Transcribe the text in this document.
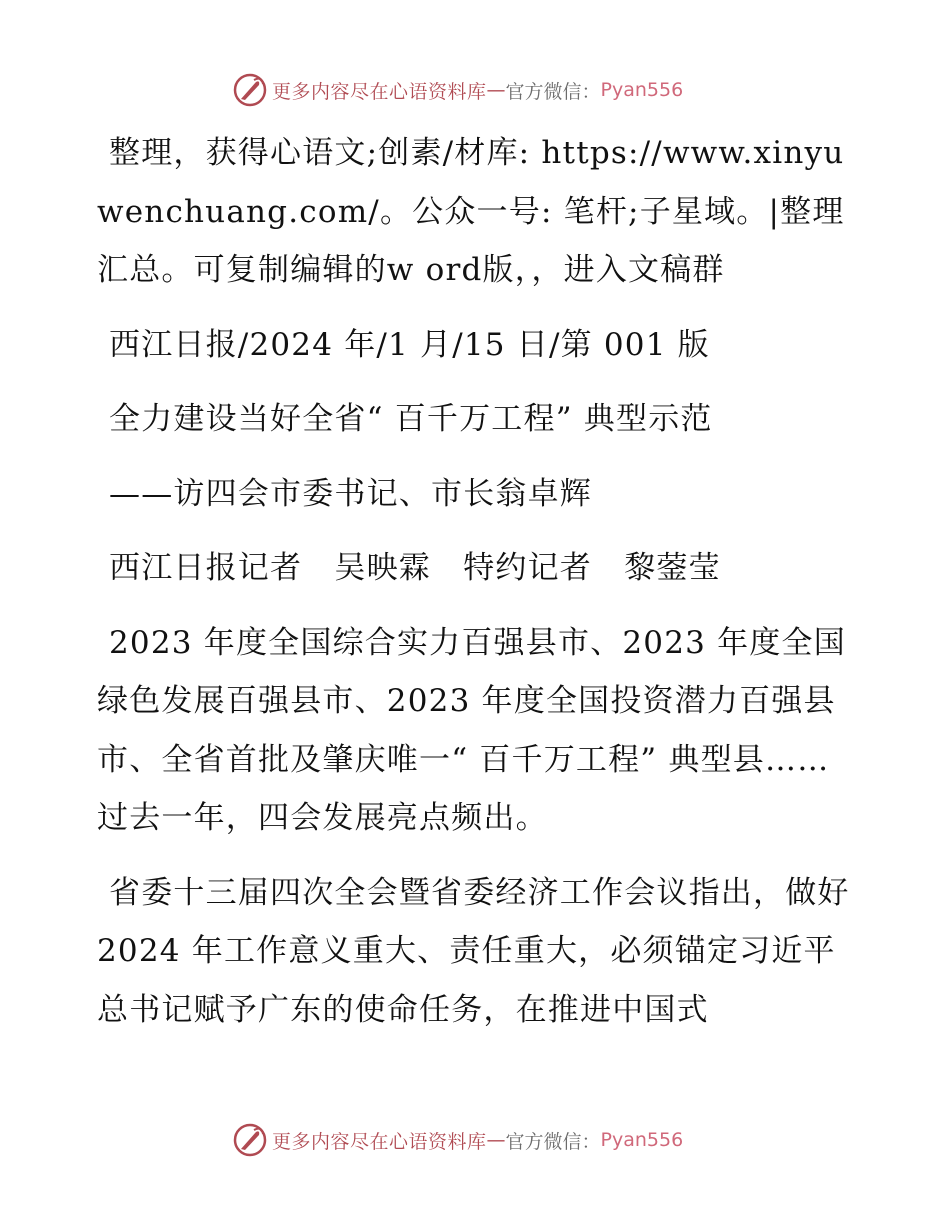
更多内容尽在心语资料库 — 官方微信： Pyan556

整理，获得心语文;创素/材库: https://www.xinyuwenchuang.com/。公众一号: 笔杆;子星域。|整理汇总。可复制编辑的w ord版，，进入文稿群

西江日报/2024 年/1 月/15 日/第 001 版

全力建设当好全省“ 百千万工程” 典型示范

——访四会市委书记、市长翁卓辉

西江日报记者　吴映霖　特约记者　黎蓥莹

2023 年度全国综合实力百强县市、2023 年度全国绿色发展百强县市、2023 年度全国投资潜力百强县市、全省首批及肇庆唯一“ 百千万工程” 典型县……过去一年，四会发展亮点频出。

省委十三届四次全会暨省委经济工作会议指出，做好 2024 年工作意义重大、责任重大，必须锚定习近平总书记赋予广东的使命任务，在推进中国式

更多内容尽在心语资料库 — 官方微信： Pyan556
